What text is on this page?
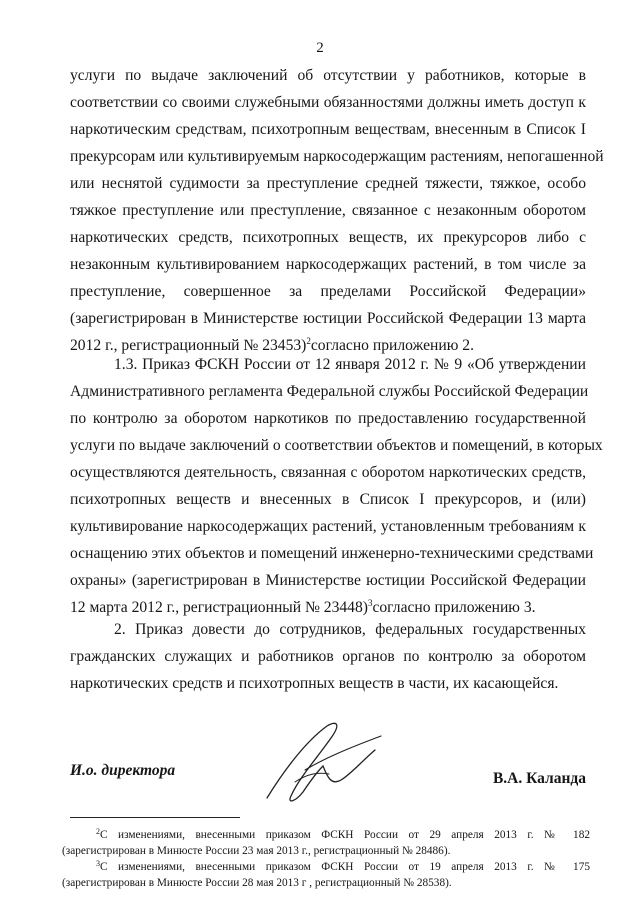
2
услуги по выдаче заключений об отсутствии у работников, которые в
соответствии со своими служебными обязанностями должны иметь доступ к
наркотическим средствам, психотропным веществам, внесенным в Список I
прекурсорам или культивируемым наркосодержащим растениям, непогашенной
или неснятой судимости за преступление средней тяжести, тяжкое, особо
тяжкое преступление или преступление, связанное с незаконным оборотом
наркотических средств, психотропных веществ, их прекурсоров либо с
незаконным культивированием наркосодержащих растений, в том числе за
преступление, совершенное за пределами Российской Федерации»
(зарегистрирован в Министерстве юстиции Российской Федерации 13 марта
2012 г., регистрационный № 23453)$^2$согласно приложению 2.
1.3. Приказ ФСКН России от 12 января 2012 г. № 9 «Об утверждении
Административного регламента Федеральной службы Российской Федерации
по контролю за оборотом наркотиков по предоставлению государственной
услуги по выдаче заключений о соответствии объектов и помещений, в которых
осуществляются деятельность, связанная с оборотом наркотических средств,
психотропных веществ и внесенных в Список I прекурсоров, и (или)
культивирование наркосодержащих растений, установленным требованиям к
оснащению этих объектов и помещений инженерно-техническими средствами
охраны» (зарегистрирован в Министерстве юстиции Российской Федерации
12 марта 2012 г., регистрационный № 23448)$^3$согласно приложению 3.
2. Приказ довести до сотрудников, федеральных государственных
гражданских служащих и работников органов по контролю за оборотом
наркотических средств и психотропных веществ в части, их касающейся.
И.о. директора	В.А. Каланда
$^2$С изменениями, внесенными приказом ФСКН России от 29 апреля 2013 г. № 182
(зарегистрирован в Минюсте России 23 мая 2013 г., регистрационный № 28486).
$^3$С изменениями, внесенными приказом ФСКН России от 19 апреля 2013 г. № 175
(зарегистрирован в Минюсте России 28 мая 2013 г , регистрационный № 28538).
